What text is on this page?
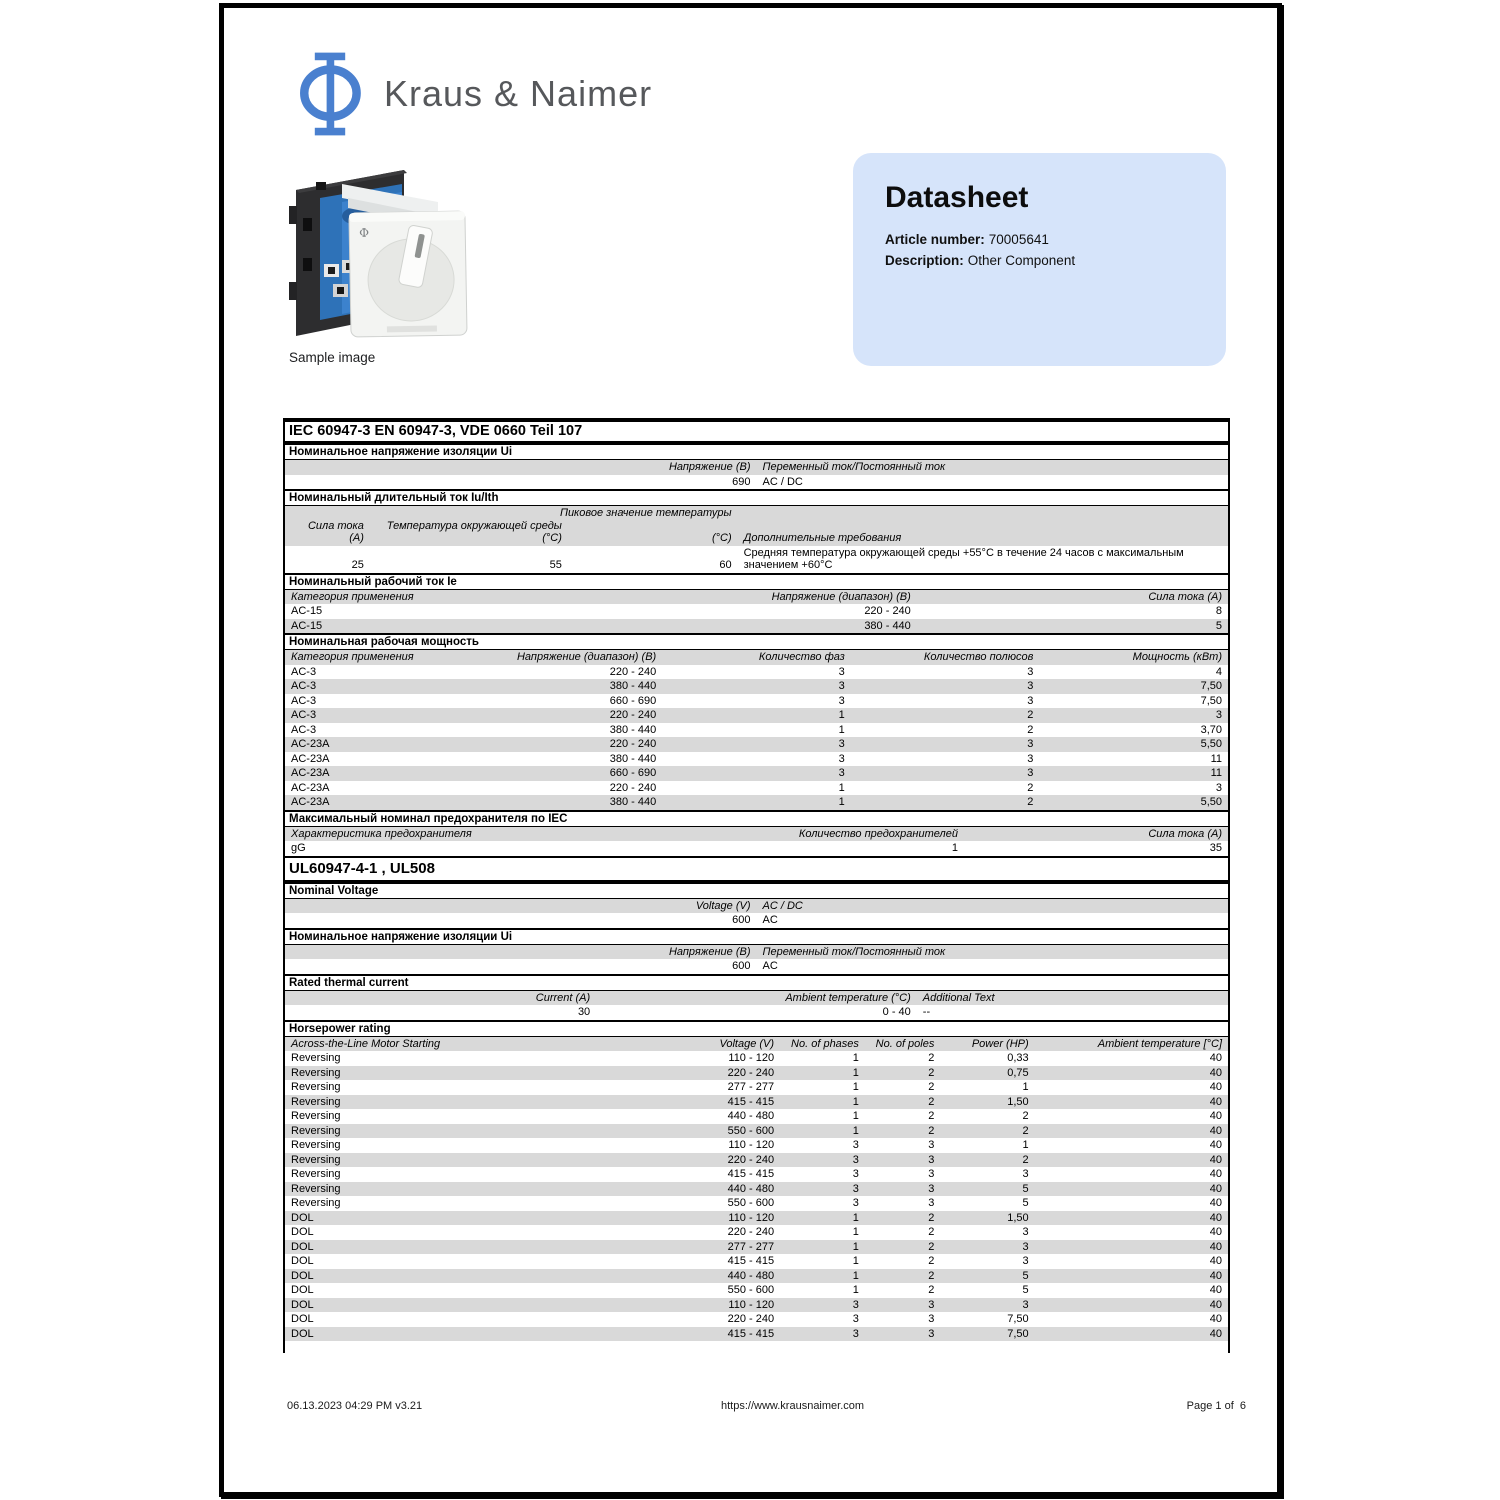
Kraus & Naimer
Φ
Sample image
Datasheet
Article number: 70005641
Description: Other Component
IEC 60947-3 EN 60947-3, VDE 0660 Teil 107
Номинальное напряжение изоляции Ui	
Напряжение (В)	Переменный ток/Постоянный ток
690	AC / DC
Номинальный длительный ток Iu/Ith			
Пиковое значение температуры			
Сила тока (А)	Температура окружающей среды (°С)	(°С)	Дополнительные требования
25	55	60	Средняя температура окружающей среды +55°С в течение 24 часов с максимальным значением +60°С
Номинальный рабочий ток Ie		
Категория применения	Напряжение (диапазон) (В)	Сила тока (А)
AC-15	220 - 240	8
AC-15	380 - 440	5
Номинальная рабочая мощность				
Категория применения	Напряжение (диапазон) (В)	Количество фаз	Количество полюсов	Мощность (кВт)
AC-3	220 - 240	3	3	4
AC-3	380 - 440	3	3	7,50
AC-3	660 - 690	3	3	7,50
AC-3	220 - 240	1	2	3
AC-3	380 - 440	1	2	3,70
AC-23A	220 - 240	3	3	5,50
AC-23A	380 - 440	3	3	11
AC-23A	660 - 690	3	3	11
AC-23A	220 - 240	1	2	3
AC-23A	380 - 440	1	2	5,50
Максимальный номинал предохранителя по IEC		
Характеристика предохранителя	Количество предохранителей	Сила тока (А)
gG	1	35
UL60947-4-1 , UL508
Nominal Voltage	
Voltage (V)	AC / DC
600	AC
Номинальное напряжение изоляции Ui	
Напряжение (В)	Переменный ток/Постоянный ток
600	AC
Rated thermal current		
Current (A)	Ambient temperature (°C)	Additional Text
30	0 - 40	--
Horsepower rating					
Across-the-Line Motor Starting	Voltage (V)	No. of phases	No. of poles	Power (HP)	Ambient temperature [°C]
Reversing	110 - 120	1	2	0,33	40
Reversing	220 - 240	1	2	0,75	40
Reversing	277 - 277	1	2	1	40
Reversing	415 - 415	1	2	1,50	40
Reversing	440 - 480	1	2	2	40
Reversing	550 - 600	1	2	2	40
Reversing	110 - 120	3	3	1	40
Reversing	220 - 240	3	3	2	40
Reversing	415 - 415	3	3	3	40
Reversing	440 - 480	3	3	5	40
Reversing	550 - 600	3	3	5	40
DOL	110 - 120	1	2	1,50	40
DOL	220 - 240	1	2	3	40
DOL	277 - 277	1	2	3	40
DOL	415 - 415	1	2	3	40
DOL	440 - 480	1	2	5	40
DOL	550 - 600	1	2	5	40
DOL	110 - 120	3	3	3	40
DOL	220 - 240	3	3	7,50	40
DOL	415 - 415	3	3	7,50	40
06.13.2023 04:29 PM v3.21	https://www.krausnaimer.com	Page 1 of  6
